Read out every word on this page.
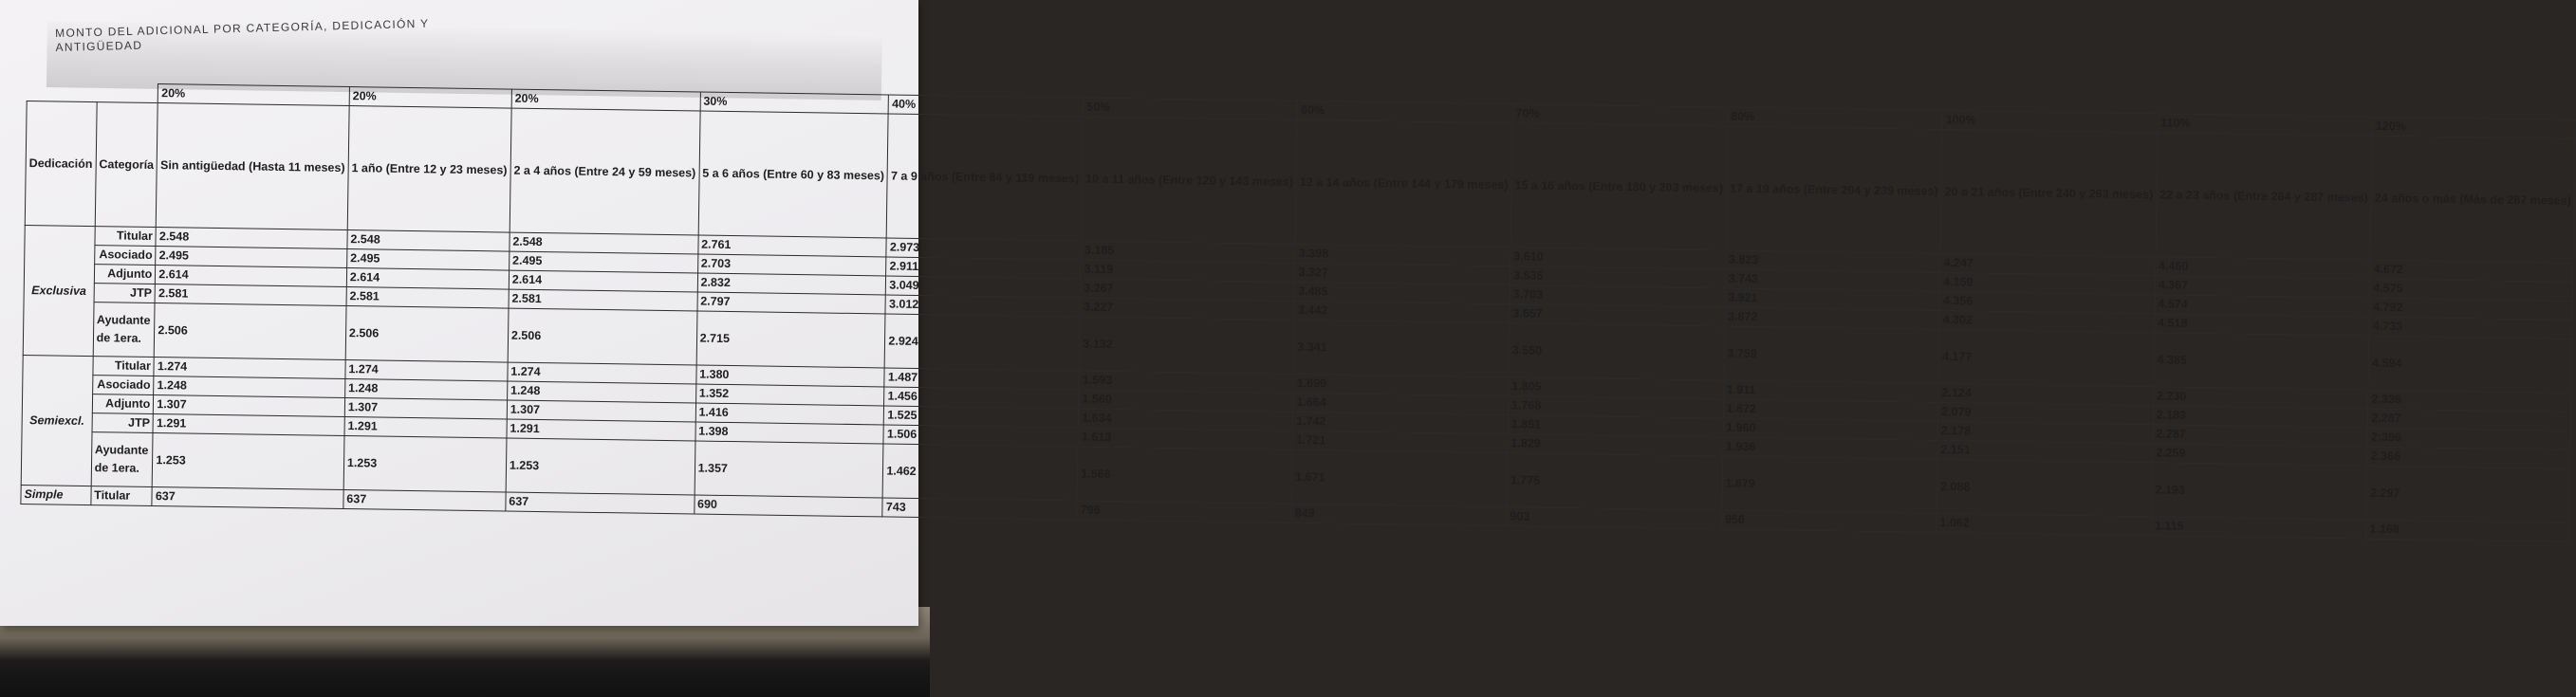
MONTO DEL ADICIONAL POR CATEGORÍA, DEDICACIÓN Y ANTIGÜEDAD
		20%	20%	20%	30%	40%	50%	60%	70%	80%	100%	110%	120%
Dedicación	Categoría	Sin antigüedad (Hasta 11 meses)	1 año (Entre 12 y 23 meses)	2 a 4 años (Entre 24 y 59 meses)	5 a 6 años (Entre 60 y 83 meses)	7 a 9 años (Entre 84 y 119 meses)	10 a 11 años (Entre 120 y 143 meses)	12 a 14 años (Entre 144 y 179 meses)	15 a 16 años (Entre 180 y 203 meses)	17 a 19 años (Entre 204 y 239 meses)	20 a 21 años (Entre 240 y 263 meses)	22 a 23 años (Entre 264 y 287 meses)	24 años o más (Más de 287 meses)
Exclusiva	Titular	2.548	2.548	2.548	2.761	2.973	3.185	3.398	3.610	3.823	4.247	4.460	4.672
	Asociado	2.495	2.495	2.495	2.703	2.911	3.119	3.327	3.535	3.743	4.159	4.367	4.575
	Adjunto	2.614	2.614	2.614	2.832	3.049	3.267	3.485	3.703	3.921	4.356	4.574	4.792
	JTP	2.581	2.581	2.581	2.797	3.012	3.227	3.442	3.657	3.872	4.302	4.518	4.733
	Ayudante de 1era.	2.506	2.506	2.506	2.715	2.924	3.132	3.341	3.550	3.759	4.177	4.385	4.594
Semiexcl.	Titular	1.274	1.274	1.274	1.380	1.487	1.593	1.699	1.805	1.911	2.124	2.230	2.336
	Asociado	1.248	1.248	1.248	1.352	1.456	1.560	1.664	1.768	1.872	2.079	2.183	2.287
	Adjunto	1.307	1.307	1.307	1.416	1.525	1.634	1.742	1.851	1.960	2.178	2.287	2:396
	JTP	1.291	1.291	1.291	1.398	1.506	1.613	1.721	1.829	1.936	2.151	2.259	2.366
	Ayudante de 1era.	1.253	1.253	1.253	1.357	1.462	1.566	1.671	1.775	1.879	2.088	2.193	2.297
Simple	Titular	637	637	637	690	743	796	849	903	956	1.062	1.115	1.168
